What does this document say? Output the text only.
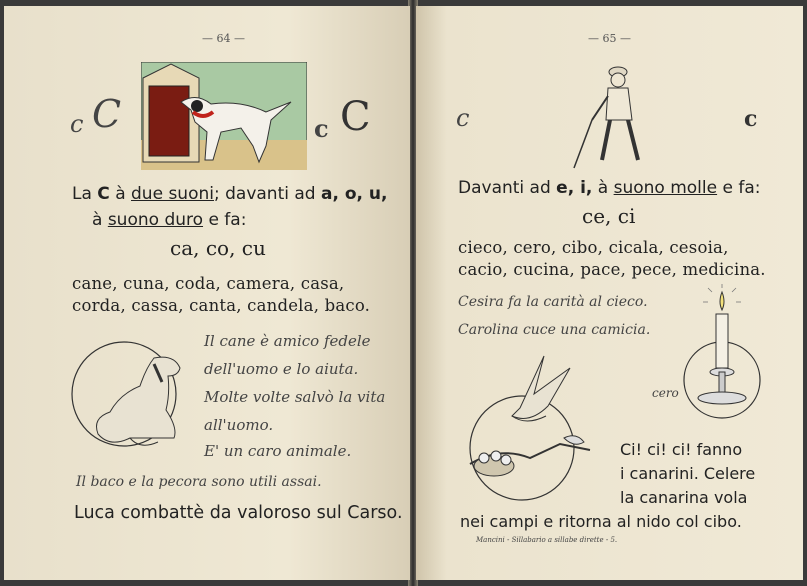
— 64 —
c C	c C
La C à due suoni; davanti ad a, o, u,
à suono duro e fa:
ca, co, cu
cane, cuna, coda, camera, casa,
corda, cassa, canta, candela, baco.
Il cane è amico fedele
dell'uomo e lo aiuta.
Molte volte salvò la vita
all'uomo.
E' un caro animale.
Il baco e la pecora sono utili assai.
Luca combattè da valoroso sul Carso.
— 65 —
c	c
Davanti ad e, i, à suono molle e fa:
ce, ci
cieco, cero, cibo, cicala, cesoia,
cacio, cucina, pace, pece, medicina.
Cesira fa la carità al cieco.
Carolina cuce una camicia.
cero
Ci! ci! ci! fanno
i canarini. Celere
la canarina vola
nei campi e ritorna al nido col cibo.
Mancini - Sillabario a sillabe dirette - 5.
